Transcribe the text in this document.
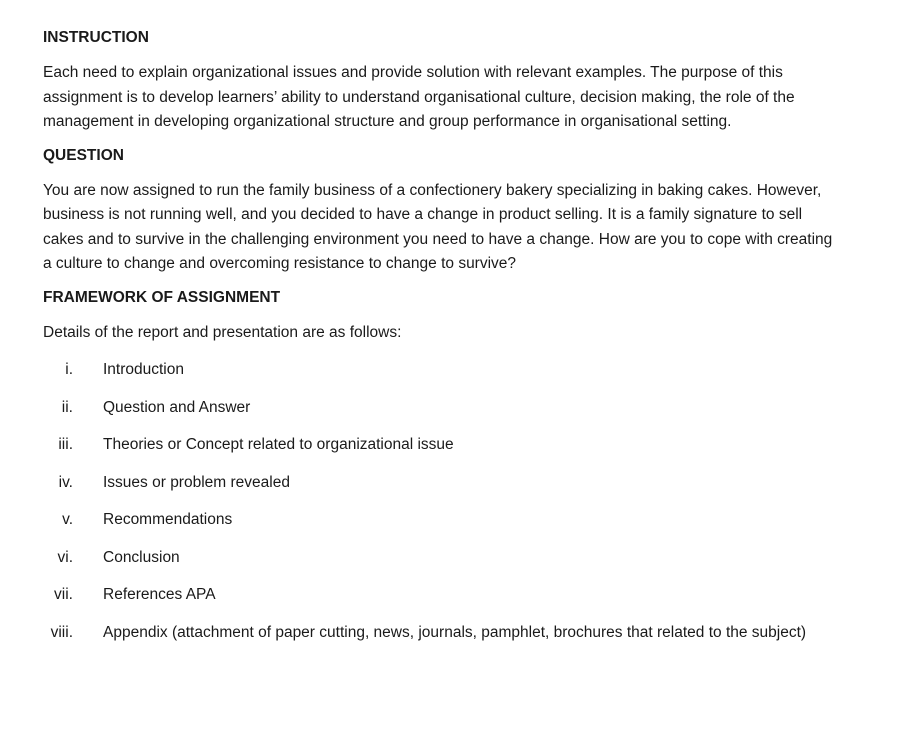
INSTRUCTION

Each need to explain organizational issues and provide solution with relevant examples. The purpose of this assignment is to develop learners’ ability to understand organisational culture, decision making, the role of the management in developing organizational structure and group performance in organisational setting.

QUESTION

You are now assigned to run the family business of a confectionery bakery specializing in baking cakes. However, business is not running well, and you decided to have a change in product selling. It is a family signature to sell cakes and to survive in the challenging environment you need to have a change. How are you to cope with creating a culture to change and overcoming resistance to change to survive?

FRAMEWORK OF ASSIGNMENT

Details of the report and presentation are as follows:

i. Introduction
ii. Question and Answer
iii. Theories or Concept related to organizational issue
iv. Issues or problem revealed
v. Recommendations
vi. Conclusion
vii. References APA
viii. Appendix (attachment of paper cutting, news, journals, pamphlet, brochures that related to the subject)
